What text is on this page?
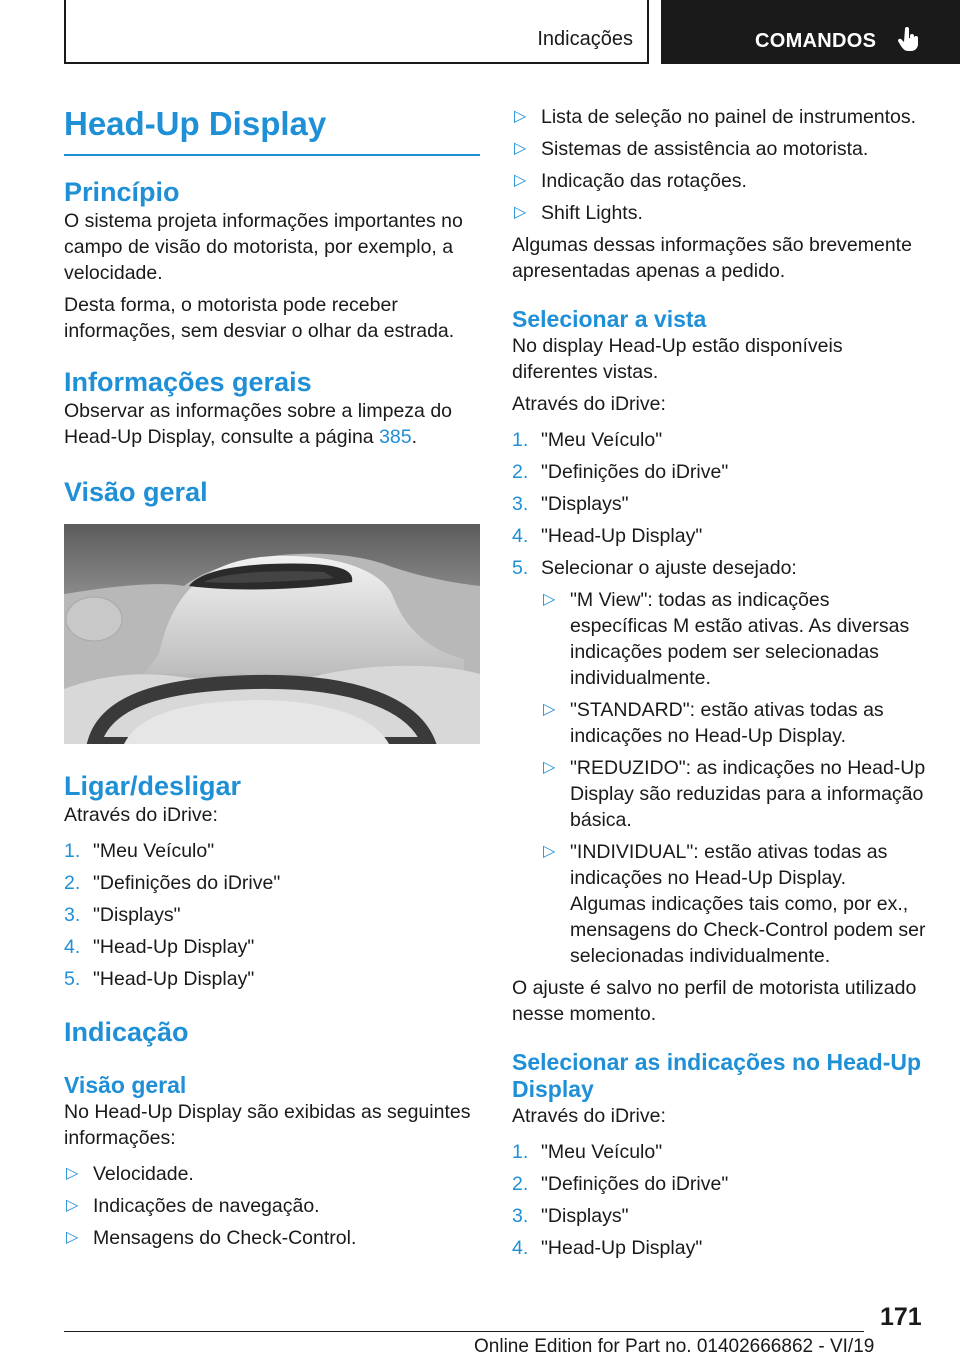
Indicações	COMANDOS
Head-Up Display
Princípio

O sistema projeta informações importantes no campo de visão do motorista, por exemplo, a velocidade.

Desta forma, o motorista pode receber informações, sem desviar o olhar da estrada.

Informações gerais

Observar as informações sobre a limpeza do Head-Up Display, consulte a página 385.

Visão geral
Ligar/desligar

Através do iDrive:

1. "Meu Veículo"
2. "Definições do iDrive"
3. "Displays"
4. "Head-Up Display"
5. "Head-Up Display"
Indicação
Visão geral

No Head-Up Display são exibidas as seguintes informações:

▷ Velocidade.
▷ Indicações de navegação.
▷ Mensagens do Check-Control.
▷ Lista de seleção no painel de instrumentos.
▷ Sistemas de assistência ao motorista.
▷ Indicação das rotações.
▷ Shift Lights.

Algumas dessas informações são brevemente apresentadas apenas a pedido.

Selecionar a vista

No display Head-Up estão disponíveis diferentes vistas.

Através do iDrive:

1. "Meu Veículo"
2. "Definições do iDrive"
3. "Displays"
4. "Head-Up Display"
5. Selecionar o ajuste desejado:
▷ "M View": todas as indicações específicas M estão ativas. As diversas indicações podem ser selecionadas individualmente.
▷ "STANDARD": estão ativas todas as indicações no Head-Up Display.
▷ "REDUZIDO": as indicações no Head-Up Display são reduzidas para a informação básica.
▷ "INDIVIDUAL": estão ativas todas as indicações no Head-Up Display. Algumas indicações tais como, por ex., mensagens do Check-Control podem ser selecionadas individualmente.

O ajuste é salvo no perfil de motorista utilizado nesse momento.

Selecionar as indicações no Head-Up Display

Através do iDrive:

1. "Meu Veículo"
2. "Definições do iDrive"
3. "Displays"
4. "Head-Up Display"
171
Online Edition for Part no. 01402666862 - VI/19
